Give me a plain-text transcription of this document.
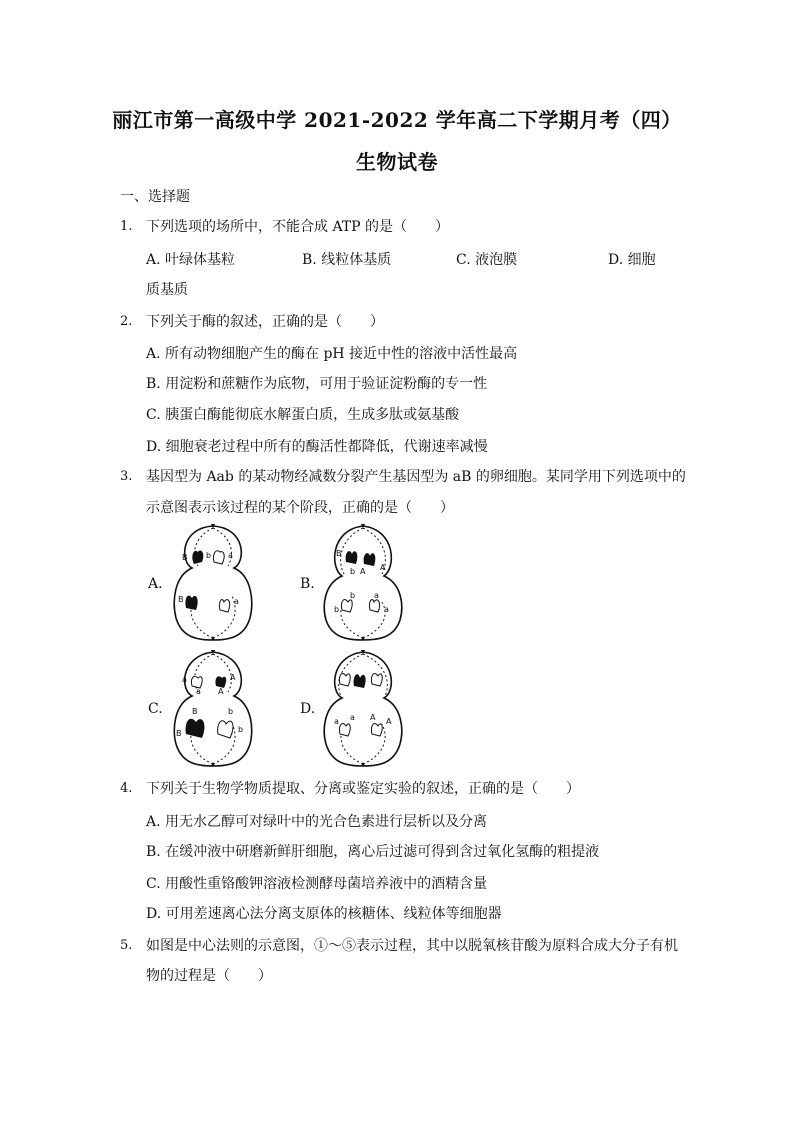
丽江市第一高级中学 2021-2022 学年高二下学期月考（四）
生物试卷
一、选择题
1. 下列选项的场所中，不能合成 ATP 的是（　　）
A. 叶绿体基粒	B. 线粒体基质	C. 液泡膜	D. 细胞
质基质
2. 下列关于酶的叙述，正确的是（　　）
A. 所有动物细胞产生的酶在 pH 接近中性的溶液中活性最高
B. 用淀粉和蔗糖作为底物，可用于验证淀粉酶的专一性
C. 胰蛋白酶能彻底水解蛋白质，生成多肽或氨基酸
D. 细胞衰老过程中所有的酶活性都降低，代谢速率减慢
3. 基因型为 Aab 的某动物经减数分裂产生基因型为 aB 的卵细胞。某同学用下列选项中的
示意图表示该过程的某个阶段，正确的是（　　）
A.	B.
C.	D.
B b a
B	a
B
b A A
b
b
a
a
a
a A
A
B
B
b
b
a a A A
4. 下列关于生物学物质提取、分离或鉴定实验的叙述，正确的是（　　）
A. 用无水乙醇可对绿叶中的光合色素进行层析以及分离
B. 在缓冲液中研磨新鲜肝细胞，离心后过滤可得到含过氧化氢酶的粗提液
C. 用酸性重铬酸钾溶液检测酵母菌培养液中的酒精含量
D. 可用差速离心法分离支原体的核糖体、线粒体等细胞器
5. 如图是中心法则的示意图，①～⑤表示过程，其中以脱氧核苷酸为原料合成大分子有机
物的过程是（　　）
